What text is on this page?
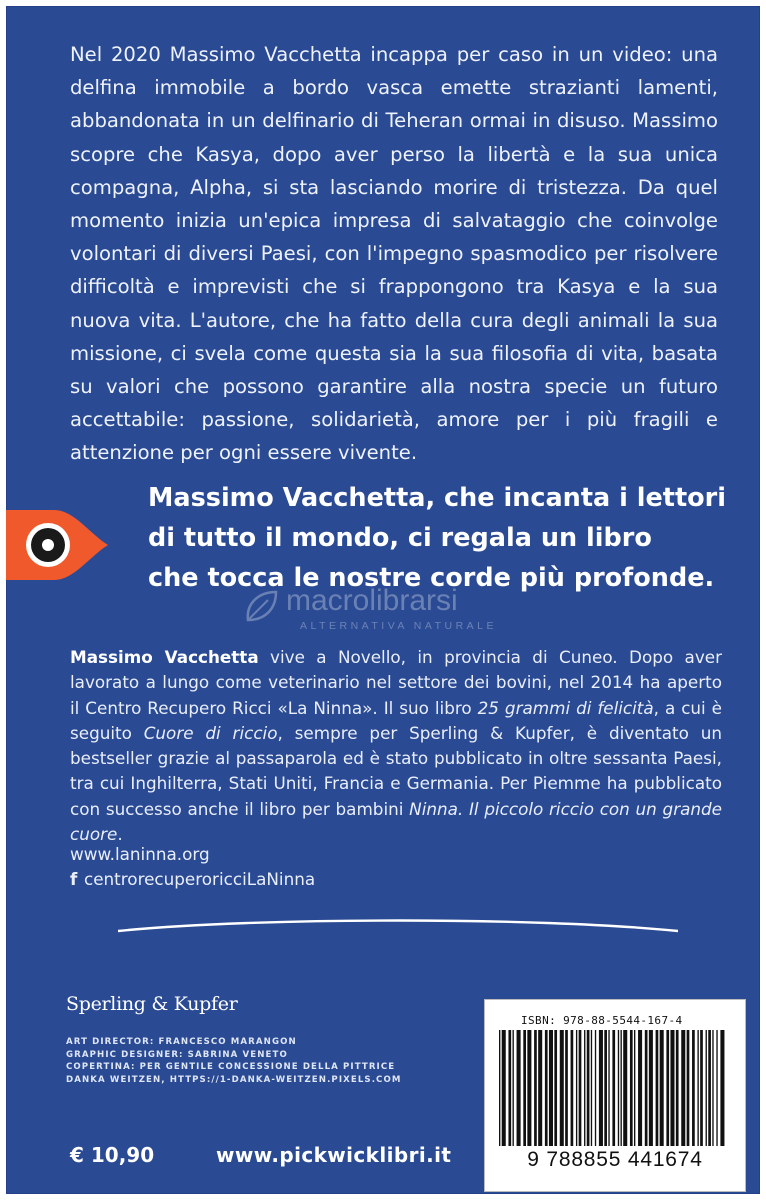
Nel 2020 Massimo Vacchetta incappa per caso in un video: una delfina immobile a bordo vasca emette strazianti lamenti, abbandonata in un delfinario di Teheran ormai in disuso. Massimo scopre che Kasya, dopo aver perso la libertà e la sua unica compagna, Alpha, si sta lasciando morire di tristezza. Da quel momento inizia un'epica impresa di salvataggio che coinvolge volontari di diversi Paesi, con l'impegno spasmodico per risolvere difficoltà e imprevisti che si frappongono tra Kasya e la sua nuova vita. L'autore, che ha fatto della cura degli animali la sua missione, ci svela come questa sia la sua filosofia di vita, basata su valori che possono garantire alla nostra specie un futuro accettabile: passione, solidarietà, amore per i più fragili e attenzione per ogni essere vivente.

Massimo Vacchetta, che incanta i lettori
di tutto il mondo, ci regala un libro
che tocca le nostre corde più profonde.
macrolibrarsi
ALTERNATIVA NATURALE

Massimo Vacchetta vive a Novello, in provincia di Cuneo. Dopo aver lavorato a lungo come veterinario nel settore dei bovini, nel 2014 ha aperto il Centro Recupero Ricci «La Ninna». Il suo libro 25 grammi di felicità, a cui è seguito Cuore di riccio, sempre per Sperling & Kupfer, è diventato un bestseller grazie al passaparola ed è stato pubblicato in oltre sessanta Paesi, tra cui Inghilterra, Stati Uniti, Francia e Germania. Per Piemme ha pubblicato con successo anche il libro per bambini Ninna. Il piccolo riccio con un grande cuore.

www.laninna.org
f centrorecuperoricciLaNinna
Sperling & Kupfer
ART DIRECTOR: FRANCESCO MARANGON
GRAPHIC DESIGNER: SABRINA VENETO
COPERTINA: PER GENTILE CONCESSIONE DELLA PITTRICE
DANKA WEITZEN, HTTPS://1-DANKA-WEITZEN.PIXELS.COM
€ 10,90	www.pickwicklibri.it
ISBN: 978-88-5544-167-4
9 788855 441674
